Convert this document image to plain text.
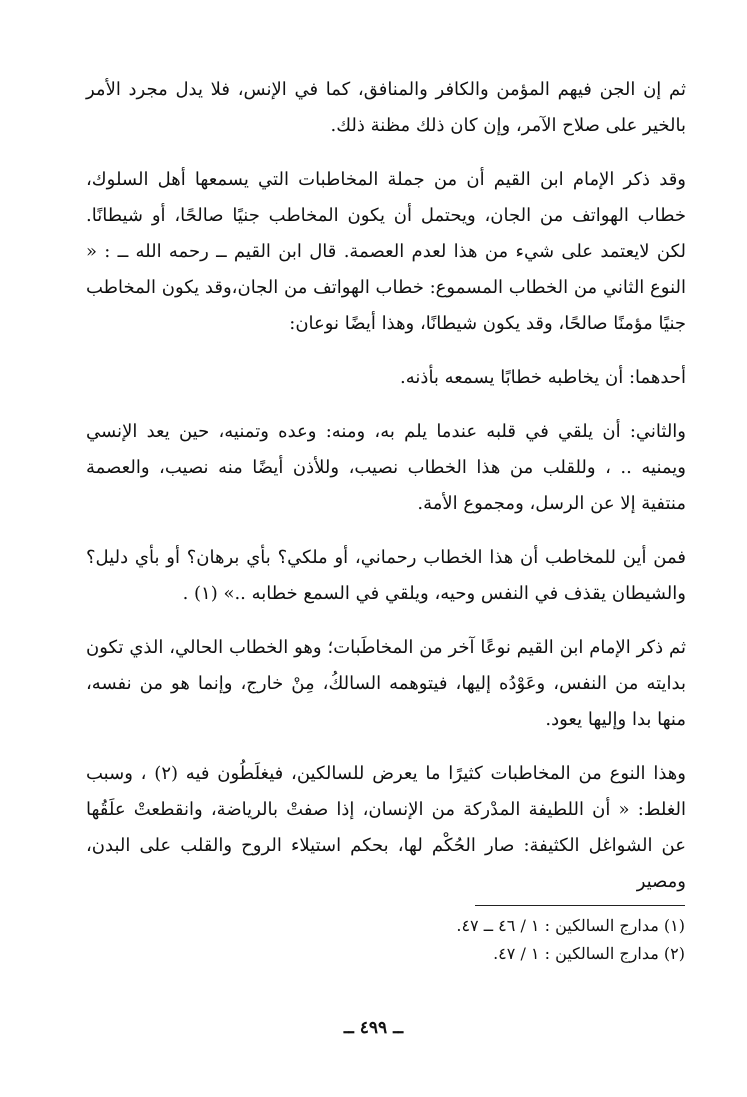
ثم إن الجن فيهم المؤمن والكافر والمنافق، كما في الإنس، فلا يدل مجرد الأمر بالخير على صلاح الآمر، وإن كان ذلك مظنة ذلك.

وقد ذكر الإمام ابن القيم أن من جملة المخاطبات التي يسمعها أهل السلوك، خطاب الهواتف من الجان، ويحتمل أن يكون المخاطب جنيًا صالحًا، أو شيطانًا. لكن لايعتمد على شيء من هذا لعدم العصمة. قال ابن القيم ــ رحمه الله ــ : « النوع الثاني من الخطاب المسموع: خطاب الهواتف من الجان،وقد يكون المخاطب جنيًا مؤمنًا صالحًا، وقد يكون شيطانًا، وهذا أيضًا نوعان:

أحدهما: أن يخاطبه خطابًا يسمعه بأذنه.

والثاني: أن يلقي في قلبه عندما يلم به، ومنه: وعده وتمنيه، حين يعد الإنسي ويمنيه .. ، وللقلب من هذا الخطاب نصيب، وللأذن أيضًا منه نصيب، والعصمة منتفية إلا عن الرسل، ومجموع الأمة.

فمن أين للمخاطب أن هذا الخطاب رحماني، أو ملكي؟ بأي برهان؟ أو بأي دليل؟ والشيطان يقذف في النفس وحيه، ويلقي في السمع خطابه ..» (١) .

ثم ذكر الإمام ابن القيم نوعًا آخر من المخاطَبات؛ وهو الخطاب الحالي، الذي تكون بدايته من النفس، وعَوْدُه إليها، فيتوهمه السالكُ، مِنْ خارج، وإنما هو من نفسه، منها بدا وإليها يعود.

وهذا النوع من المخاطبات كثيرًا ما يعرض للسالكين، فيغلَطُون فيه (٢) ، وسبب الغلط: « أن اللطيفة المدْركة من الإنسان، إذا صفتْ بالرياضة، وانقطعتْ علَقُها عن الشواغل الكثيفة: صار الحُكْم لها، بحكم استيلاء الروح والقلب على البدن، ومصير

(١) مدارج السالكين : ١ / ٤٦ ــ ٤٧.

(٢) مدارج السالكين : ١ / ٤٧.

ــ ٤٩٩ ــ
